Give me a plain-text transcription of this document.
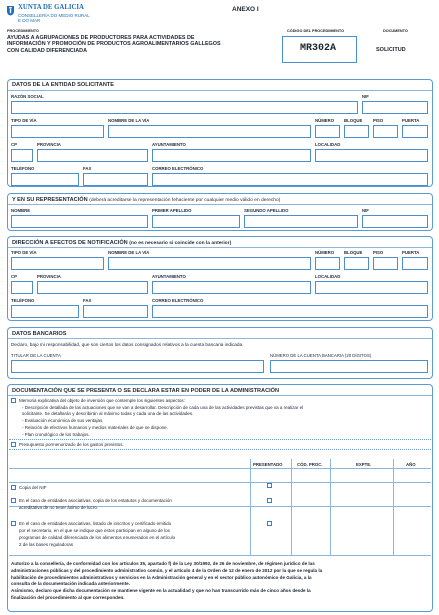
XUNTA DE GALICIA
CONSELLERÍA DO MEDIO RURAL
E DO MAR
ANEXO I
PROCEDIMIENTO
AYUDAS A AGRUPACIONES DE PRODUCTORES PARA ACTIVIDADES DE
INFORMACIÓN Y PROMOCIÓN DE PRODUCTOS AGROALIMENTARIOS GALLEGOS
CON CALIDAD DIFERENCIADA
CÓDIGO DEL PROCEDIMIENTO
MR302A
DOCUMENTO
SOLICITUD
DATOS DE LA ENTIDAD SOLICITANTE
RAZÓN SOCIAL	NIF
TIPO DE VÍA	NOMBRE DE LA VÍA	NÚMERO BLOQUE PISO	PUERTA
CP	PROVINCIA	AYUNTAMIENTO	LOCALIDAD
TELÉFONO	FAX	CORREO ELECTRÓNICO
Y EN SU REPRESENTACIÓN (deberá acreditarse la representación fehaciente por cualquier medio válido en derecho)
NOMBRE	PRIMER APELLIDO	SEGUNDO APELLIDO	NIF
DIRECCIÓN A EFECTOS DE NOTIFICACIÓN (no es necesario si coincide con la anterior)
TIPO DE VÍA	NOMBRE DE LA VÍA	NÚMERO BLOQUE PISO	PUERTA
CP	PROVINCIA	AYUNTAMIENTO	LOCALIDAD
TELÉFONO	FAX	CORREO ELECTRÓNICO
DATOS BANCARIOS
Declaro, bajo mi responsabilidad, que son ciertos los datos consignados relativos a la cuenta bancaria indicada.
TITULAR DE LA CUENTA	NÚMERO DE LA CUENTA BANCARIA (20 DÍGITOS)
DOCUMENTACIÓN QUE SE PRESENTA O SE DECLARA ESTAR EN PODER DE LA ADMINISTRACIÓN
Memoria explicativa del objeto de inversión que contemple los siguientes aspectos:
- Descripción detallada de las actuaciones que se van a desarrollar. Descripción de cada una de las actividades previstas que va a realizar el
solicitante. Se detallarán y describirán al máximo todas y cada una de las actividades.
- Evaluación económica de sus ventajas.
- Relación de efectivos humanos y medios materiales de que se dispone.
- Plan cronológico de los trabajos.
Presupuesto pormenorizado de los gastos previstos.
PRESENTADO	CÓD. PROC.	EXPTE.	AÑO
Copia del NIF
En el caso de entidades asociativas, copia de los estatutos y documentación
acreditativa de no tener ánimo de lucro.
En el caso de entidades asociativas, listado de inscritos y certificado emitido
por el secretario, en el que se indique que estos participan en alguno de los
programas de calidad diferenciada de los alimentos enumerados en el artículo
2 de las bases reguladoras
Autorizo a la consellería, de conformidad con los artículos 35, apartado f) de la Ley 30/1992, de 26 de noviembre, de régimen jurídico de las
administraciones públicas y del procedimiento administrativo común, y el artículo 4 de la Orden de 12 de enero de 2012 por la que se regula la
habilitación de procedimientos administrativos y servicios en la Administración general y en el sector público autonómico de Galicia, a la
consulta de la documentación indicada anteriormente.
Asimismo, declaro que dicha documentación se mantiene vigente en la actualidad y que no han transcurrido más de cinco años desde la
finalización del procedimiento al que corresponden.
